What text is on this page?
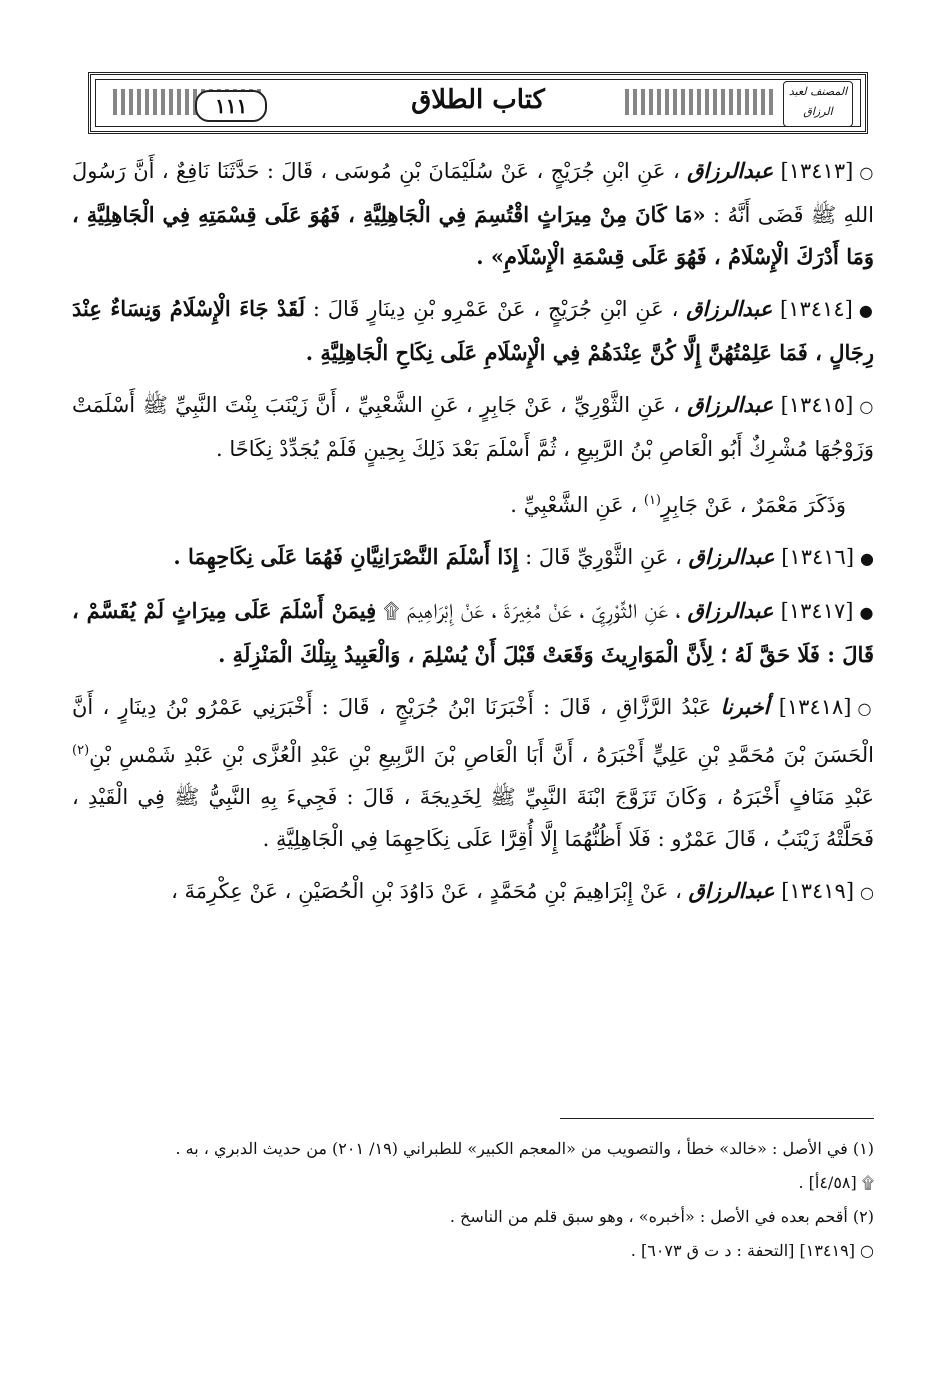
المصنف لعبد الرزاق
كتاب الطلاق
١١١

○[١٣٤١٣] عبدالرزاق ، عَنِ ابْنِ جُرَيْجٍ ، عَنْ سُلَيْمَانَ بْنِ مُوسَى ، قَالَ : حَدَّثَنَا نَافِعٌ ، أَنَّ رَسُولَ اللهِ ﷺ قَضَى أَنَّهُ : «مَا كَانَ مِنْ مِيرَاثٍ اقْتُسِمَ فِي الْجَاهِلِيَّةِ ، فَهُوَ عَلَى قِسْمَتِهِ فِي الْجَاهِلِيَّةِ ، وَمَا أَدْرَكَ الْإِسْلَامُ ، فَهُوَ عَلَى قِسْمَةِ الْإِسْلَامِ» .

●[١٣٤١٤] عبدالرزاق ، عَنِ ابْنِ جُرَيْجٍ ، عَنْ عَمْرِو بْنِ دِينَارٍ قَالَ : لَقَدْ جَاءَ الْإِسْلَامُ وَنِسَاءٌ عِنْدَ رِجَالٍ ، فَمَا عَلِمْتُهُنَّ إِلَّا كُنَّ عِنْدَهُمْ فِي الْإِسْلَامِ عَلَى نِكَاحِ الْجَاهِلِيَّةِ .

○[١٣٤١٥] عبدالرزاق ، عَنِ الثَّوْرِيِّ ، عَنْ جَابِرٍ ، عَنِ الشَّعْبِيِّ ، أَنَّ زَيْنَبَ بِنْتَ النَّبِيِّ ﷺ أَسْلَمَتْ وَزَوْجُهَا مُشْرِكٌ أَبُو الْعَاصِ بْنُ الرَّبِيعِ ، ثُمَّ أَسْلَمَ بَعْدَ ذَلِكَ بِحِينٍ فَلَمْ يُجَدِّدْ نِكَاحًا .

وَذَكَرَ مَعْمَرٌ ، عَنْ جَابِرٍ$^{(١)}$ ، عَنِ الشَّعْبِيِّ .

●[١٣٤١٦] عبدالرزاق ، عَنِ الثَّوْرِيِّ قَالَ : إِذَا أَسْلَمَ النَّصْرَانِيَّانِ فَهُمَا عَلَى نِكَاحِهِمَا .

●[١٣٤١٧] عبدالرزاق ، عَنِ الثَّوْرِيِّ ، عَنْ مُغِيرَةَ ، عَنْ إِبْرَاهِيمَ ۩ فِيمَنْ أَسْلَمَ عَلَى مِيرَاثٍ لَمْ يُقَسَّمْ ، قَالَ : فَلَا حَقَّ لَهُ ؛ لِأَنَّ الْمَوَارِيثَ وَقَعَتْ قَبْلَ أَنْ يُسْلِمَ ، وَالْعَبِيدُ بِتِلْكَ الْمَنْزِلَةِ .

○[١٣٤١٨] أخبرنا عَبْدُ الرَّزَّاقِ ، قَالَ : أَخْبَرَنَا ابْنُ جُرَيْجٍ ، قَالَ : أَخْبَرَنِي عَمْرُو بْنُ دِينَارٍ ، أَنَّ الْحَسَنَ بْنَ مُحَمَّدِ بْنِ عَلِيٍّ أَخْبَرَهُ ، أَنَّ أَبَا الْعَاصِ بْنَ الرَّبِيعِ بْنِ عَبْدِ الْعُزَّى بْنِ عَبْدِ شَمْسِ بْنِ$^{(٢)}$ عَبْدِ مَنَافٍ أَخْبَرَهُ ، وَكَانَ تَزَوَّجَ ابْنَةَ النَّبِيِّ ﷺ لِخَدِيجَةَ ، قَالَ : فَجِيءَ بِهِ النَّبِيُّ ﷺ فِي الْقَيْدِ ، فَحَلَّتْهُ زَيْنَبُ ، قَالَ عَمْرٌو : فَلَا أَظُنُّهُمَا إِلَّا أُقِرَّا عَلَى نِكَاحِهِمَا فِي الْجَاهِلِيَّةِ .

○[١٣٤١٩] عبدالرزاق ، عَنْ إِبْرَاهِيمَ بْنِ مُحَمَّدٍ ، عَنْ دَاوُدَ بْنِ الْحُصَيْنِ ، عَنْ عِكْرِمَةَ ،

(١) في الأصل : «خالد» خطأ ، والتصويب من «المعجم الكبير» للطبراني (١٩/ ٢٠١) من حديث الدبري ، به .

۩ [٤/٥٨أ] .

(٢) أقحم بعده في الأصل : «أخبره» ، وهو سبق قلم من الناسخ .

○ [١٣٤١٩] [التحفة : د ت ق ٦٠٧٣] .
